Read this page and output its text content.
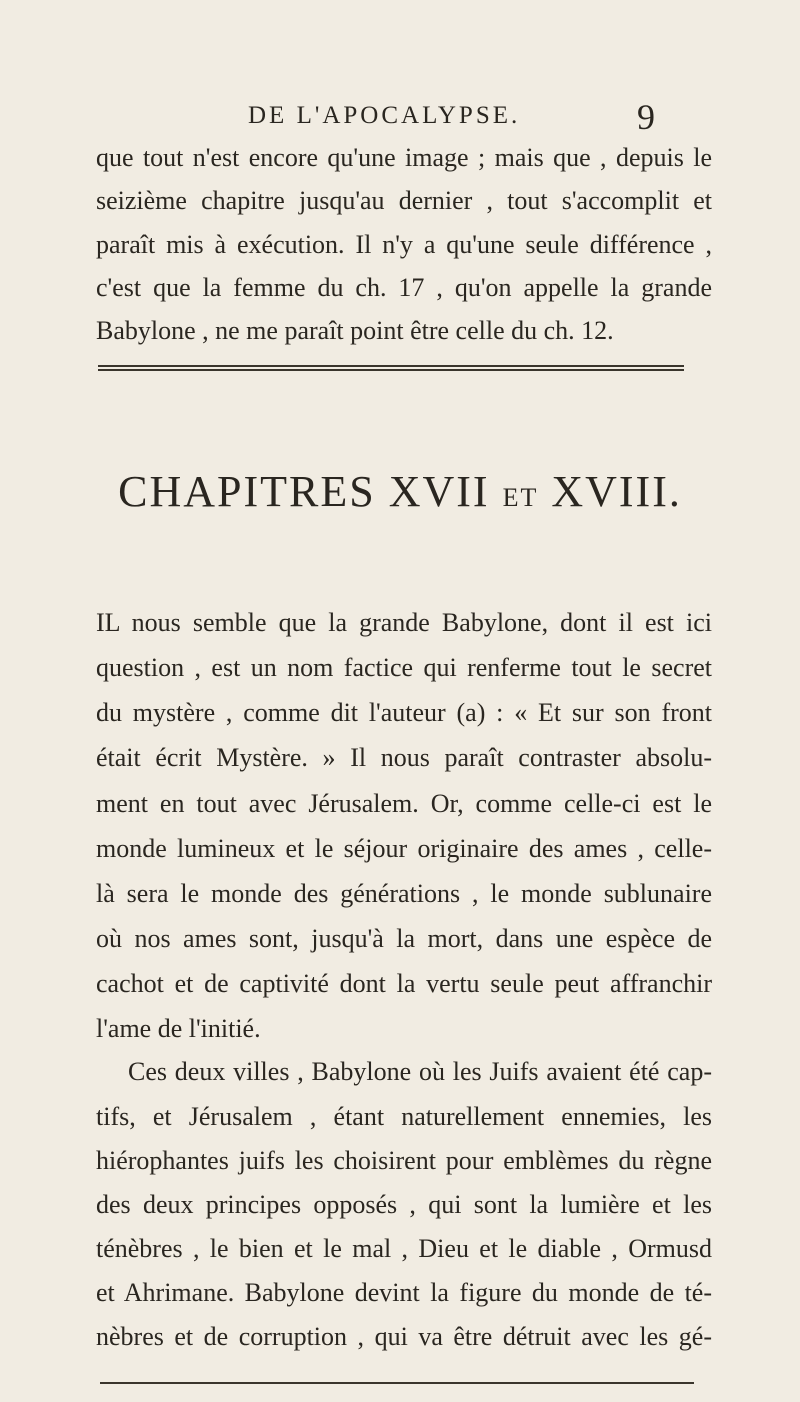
DE L'APOCALYPSE.	9
que tout n'est encore qu'une image ; mais que , depuis le
seizième chapitre jusqu'au dernier , tout s'accomplit et
paraît mis à exécution. Il n'y a qu'une seule différence ,
c'est que la femme du ch. 17 , qu'on appelle la grande
Babylone , ne me paraît point être celle du ch. 12.
CHAPITRES XVII ET XVIII.
IL nous semble que la grande Babylone, dont il est ici
question , est un nom factice qui renferme tout le secret
du mystère , comme dit l'auteur (a) : « Et sur son front
était écrit Mystère. » Il nous paraît contraster absolu-
ment en tout avec Jérusalem. Or, comme celle-ci est le
monde lumineux et le séjour originaire des ames , celle-
là sera le monde des générations , le monde sublunaire
où nos ames sont, jusqu'à la mort, dans une espèce de
cachot et de captivité dont la vertu seule peut affranchir
l'ame de l'initié.
Ces deux villes , Babylone où les Juifs avaient été cap-
tifs, et Jérusalem , étant naturellement ennemies, les
hiérophantes juifs les choisirent pour emblèmes du règne
des deux principes opposés , qui sont la lumière et les
ténèbres , le bien et le mal , Dieu et le diable , Ormusd
et Ahrimane. Babylone devint la figure du monde de té-
nèbres et de corruption , qui va être détruit avec les gé-
